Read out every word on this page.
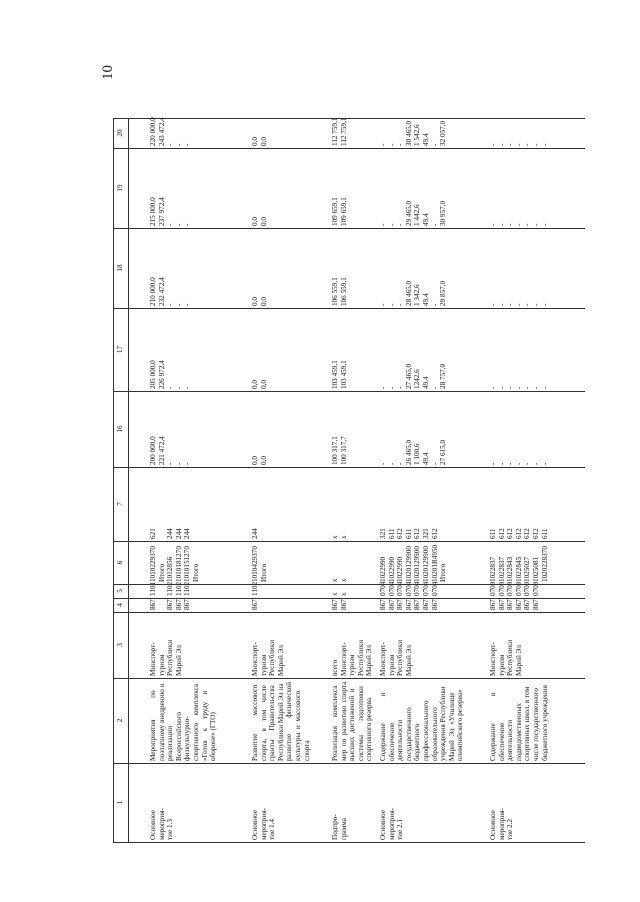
10
1
2
3
4
5
6
7
16
17
18
19
20
Основное
мероприя-
тие 1.3
Мероприятия            по
поэтапному внедрению и
реализации
Всероссийского
физкультурно-
спортивного    комплекса
«Готов     к     труду    и
обороне» (ГТО)
Минспорт-
туризм
Республики
Марий Эл
867

867
867
867
1101

1102
1102
1102
1010229370
Итого
1012856
1010181270
1010151270
Итого
621

244
244
244
200 000,0
221 472,4
-
-
-
205 000,0
226 972,4
-
-
-
210 000,0
232 472,4
-
-
-
215 000,0
237 972,4
-
-
-
220 000,0
243 472,4
-
-
-
Основное
мероприя-
тие 1.4
Развитие          массового
спорта,    в    том    числе
гранты     Правительства
Республики Марий Эл на
развитие         физической
культуры  и  массового
спорта
Минспорт-
туризм
Республики
Марий Эл
867
1102
1010429370
Итого
244
0,0
0,0
0,0
0,0
0,0
0,0
0,0
0,0
0,0
0,0
Подпро-
грамма
Реализация     комплекса
мер  по  развитию  спорта
высших  достижений  и
системы        подготовки
спортивного резерва
всего
Минспорт-
туризм
Республики
Марий Эл
867
867
x
x
x
x
x
x
100 317,1
100 317,7
103 459,1
103 459,1
106 559,1
106 559,1
109 659,1
109 659,1
112 759,1
112 759,1
Основное
мероприя-
тие 2.1
Содержание               и
обеспечение
деятельности
государственного
бюджетного
профессионального
образовательного
учреждения Республики
Марий  Эл  «Училище
олимпийского резерва»
Минспорт-
туризм
Республики
Марий Эл
867
867
867
867
867
867
867
0704
0704
0704
0704
0704
0704
0704
1022990
1022990
1022990
1020129900
1020129900
1020129900
10201R4950
Итого
321
611
612
611
612
321
612
-
-
-
26 465,0
1 100,6
49,4
-
27 615,0
-
-
-
27 465,0
1242,6
49,4
-
28 757,0
-
-
-
28 465,0
1 342,6
49,4
-
29 857,0
-
-
-
29 465,0
1 442,6
49,4
-
30 957,0
-
-
-
30 465,0
1 542,6
49,4
-
32 057,0
Основное
мероприя-
тие 2.2
Содержание               и
обеспечение
деятельности
подведомственных
спортивных школ, в том
числе государственного
бюджетного учреждения
Минспорт-
туризм
Республики
Марий Эл
867
867
867
867
867
867
0709
0709
0709
0709
0709
0709
1022837
1022837
1022843
1022845
1025027
1025081
1020228370
611
612
612
612
612
612
611
-
-
-
-
-
-
-
-
-
-
-
-
-
-
-
-
-
-
-
-
-
-
-
-
-
-
-
-
-
-
-
-
-
-
-
